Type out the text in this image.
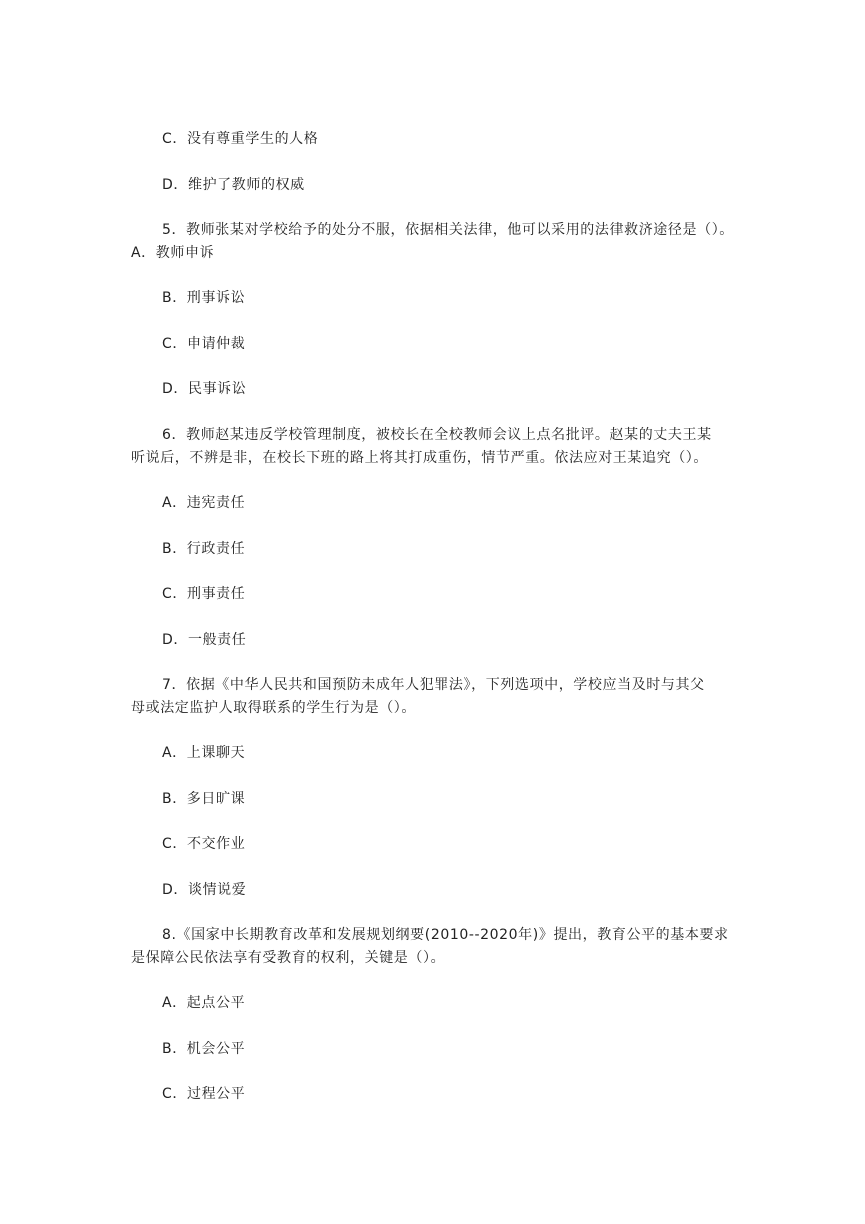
C．没有尊重学生的人格
D．维护了教师的权威
5．教师张某对学校给予的处分不服，依据相关法律，他可以采用的法律救济途径是（）。
A．教师申诉
B．刑事诉讼
C．申请仲裁
D．民事诉讼
6．教师赵某违反学校管理制度，被校长在全校教师会议上点名批评。赵某的丈夫王某
听说后，不辨是非，在校长下班的路上将其打成重伤，情节严重。依法应对王某追究（）。
A．违宪责任
B．行政责任
C．刑事责任
D．一般责任
7．依据《中华人民共和国预防未成年人犯罪法》，下列选项中，学校应当及时与其父
母或法定监护人取得联系的学生行为是（）。
A．上课聊天
B．多日旷课
C．不交作业
D．谈情说爱
8.《国家中长期教育改革和发展规划纲要(2010--2020年)》提出，教育公平的基本要求
是保障公民依法享有受教育的权利，关键是（）。
A．起点公平
B．机会公平
C．过程公平
